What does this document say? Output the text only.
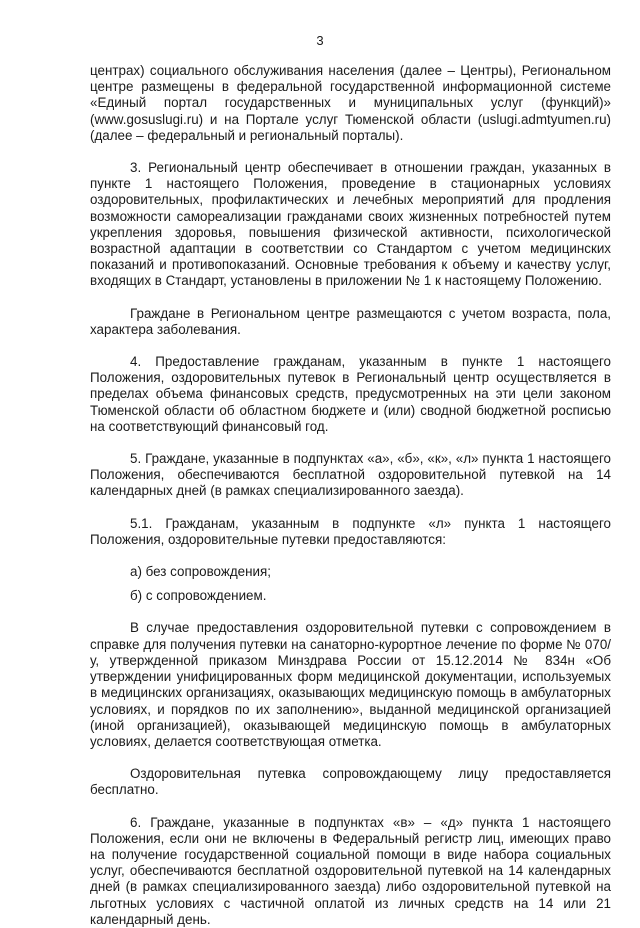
3

центрах) социального обслуживания населения (далее – Центры), Региональном центре размещены в федеральной государственной информационной системе «Единый портал государственных и муниципальных услуг (функций)» (www.gosuslugi.ru) и на Портале услуг Тюменской области (uslugi.admtyumen.ru) (далее – федеральный и региональный порталы).

3. Региональный центр обеспечивает в отношении граждан, указанных в пункте 1 настоящего Положения, проведение в стационарных условиях оздоровительных, профилактических и лечебных мероприятий для продления возможности самореализации гражданами своих жизненных потребностей путем укрепления здоровья, повышения физической активности, психологической возрастной адаптации в соответствии со Стандартом с учетом медицинских показаний и противопоказаний. Основные требования к объему и качеству услуг, входящих в Стандарт, установлены в приложении № 1 к настоящему Положению.

Граждане в Региональном центре размещаются с учетом возраста, пола, характера заболевания.

4. Предоставление гражданам, указанным в пункте 1 настоящего Положения, оздоровительных путевок в Региональный центр осуществляется в пределах объема финансовых средств, предусмотренных на эти цели законом Тюменской области об областном бюджете и (или) сводной бюджетной росписью на соответствующий финансовый год.

5. Граждане, указанные в подпунктах «а», «б», «к», «л» пункта 1 настоящего Положения, обеспечиваются бесплатной оздоровительной путевкой на 14 календарных дней (в рамках специализированного заезда).

5.1. Гражданам, указанным в подпункте «л» пункта 1 настоящего Положения, оздоровительные путевки предоставляются:

а) без сопровождения;

б) с сопровождением.

В случае предоставления оздоровительной путевки с сопровождением в справке для получения путевки на санаторно-курортное лечение по форме № 070/у, утвержденной приказом Минздрава России от 15.12.2014 № 834н «Об утверждении унифицированных форм медицинской документации, используемых в медицинских организациях, оказывающих медицинскую помощь в амбулаторных условиях, и порядков по их заполнению», выданной медицинской организацией (иной организацией), оказывающей медицинскую помощь в амбулаторных условиях, делается соответствующая отметка.

Оздоровительная путевка сопровождающему лицу предоставляется бесплатно.

6. Граждане, указанные в подпунктах «в» – «д» пункта 1 настоящего Положения, если они не включены в Федеральный регистр лиц, имеющих право на получение государственной социальной помощи в виде набора социальных услуг, обеспечиваются бесплатной оздоровительной путевкой на 14 календарных дней (в рамках специализированного заезда) либо оздоровительной путевкой на льготных условиях с частичной оплатой из личных средств на 14 или 21 календарный день.
